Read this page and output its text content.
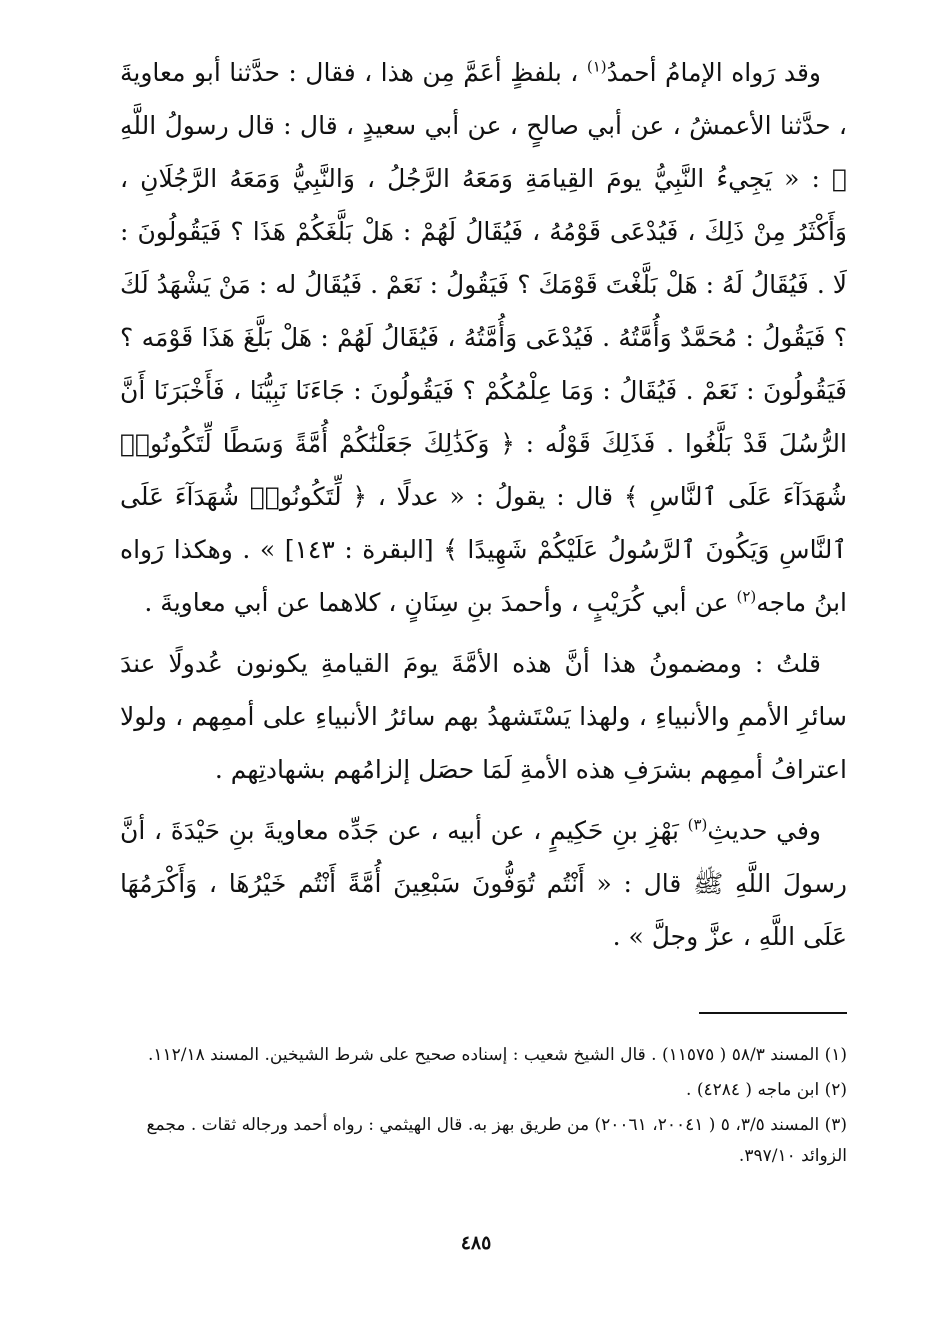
وقد رَواه الإمامُ أحمدُ$^{(١)}$ ، بلفظٍ أعَمَّ مِن هذا ، فقال : حدَّثنا أبو معاويةَ ، حدَّثنا الأعمشُ ، عن أبي صالحٍ ، عن أبي سعيدٍ ، قال : قال رسولُ اللَّهِ ﷺ : « يَجِيءُ النَّبِيُّ يومَ القِيامَةِ وَمَعَهُ الرَّجُلُ ، وَالنَّبِيُّ وَمَعَهُ الرَّجُلَانِ ، وَأَكْثَرُ مِنْ ذَلِكَ ، فَيُدْعَى قَوْمُهُ ، فَيُقَالُ لَهُمْ : هَلْ بَلَّغَكُمْ هَذَا ؟ فَيَقُولُونَ : لَا . فَيُقَالُ لَهُ : هَلْ بَلَّغْتَ قَوْمَكَ ؟ فَيَقُولُ : نَعَمْ . فَيُقَالُ له : مَنْ يَشْهَدُ لَكَ ؟ فَيَقُولُ : مُحَمَّدٌ وَأُمَّتُهُ . فَيُدْعَى وَأُمَّتُهُ ، فَيُقَالُ لَهُمْ : هَلْ بَلَّغَ هَذَا قَوْمَه ؟ فَيَقُولُونَ : نَعَمْ . فَيُقَالُ : وَمَا عِلْمُكُمْ ؟ فَيَقُولُونَ : جَاءَنَا نَبِيُّنَا ، فَأَخْبَرَنَا أَنَّ الرُّسُلَ قَدْ بَلَّغُوا . فَذَلِكَ قَوْلُه : ﴿ وَكَذَٰلِكَ جَعَلْنَٰكُمْ أُمَّةً وَسَطًا لِّتَكُونُوا۟ شُهَدَآءَ عَلَى ٱلنَّاسِ ﴾ قال : يقولُ : « عدلًا ، ﴿ لِّتَكُونُوا۟ شُهَدَآءَ عَلَى ٱلنَّاسِ وَيَكُونَ ٱلرَّسُولُ عَلَيْكُمْ شَهِيدًا ﴾ [البقرة : ١٤٣] » . وهكذا رَواه ابنُ ماجه$^{(٢)}$ عن أبي كُرَيْبٍ ، وأحمدَ بنِ سِنَانٍ ، كلاهما عن أبي معاويةَ .

قلتُ : ومضمونُ هذا أنَّ هذه الأمَّةَ يومَ القيامةِ يكونون عُدولًا عندَ سائرِ الأممِ والأنبياءِ ، ولهذا يَسْتَشهدُ بهم سائرُ الأنبياءِ على أممِهم ، ولولا اعترافُ أممِهم بشرَفِ هذه الأمةِ لَمَا حصَل إلزامُهم بشهادتِهم .

وفي حديثِ$^{(٣)}$ بَهْزِ بنِ حَكِيمٍ ، عن أبيه ، عن جَدِّه معاويةَ بنِ حَيْدَةَ ، أنَّ رسولَ اللَّهِ ﷺ قال : « أَنْتُم تُوَفُّونَ سَبْعِينَ أُمَّةً أَنْتُم خَيْرُهَا ، وَأَكْرَمُهَا عَلَى اللَّهِ ، عزَّ وجلَّ » .

(١) المسند ٥٨/٣ ( ١١٥٧٥) . قال الشيخ شعيب : إسناده صحيح على شرط الشيخين. المسند ١١٢/١٨.

(٢) ابن ماجه ( ٤٢٨٤) .

(٣) المسند ٣/٥، ٥ ( ٢٠٠٤١، ٢٠٠٦١) من طريق بهز به. قال الهيثمي : رواه أحمد ورجاله ثقات . مجمع الزوائد ٣٩٧/١٠.

٤٨٥
